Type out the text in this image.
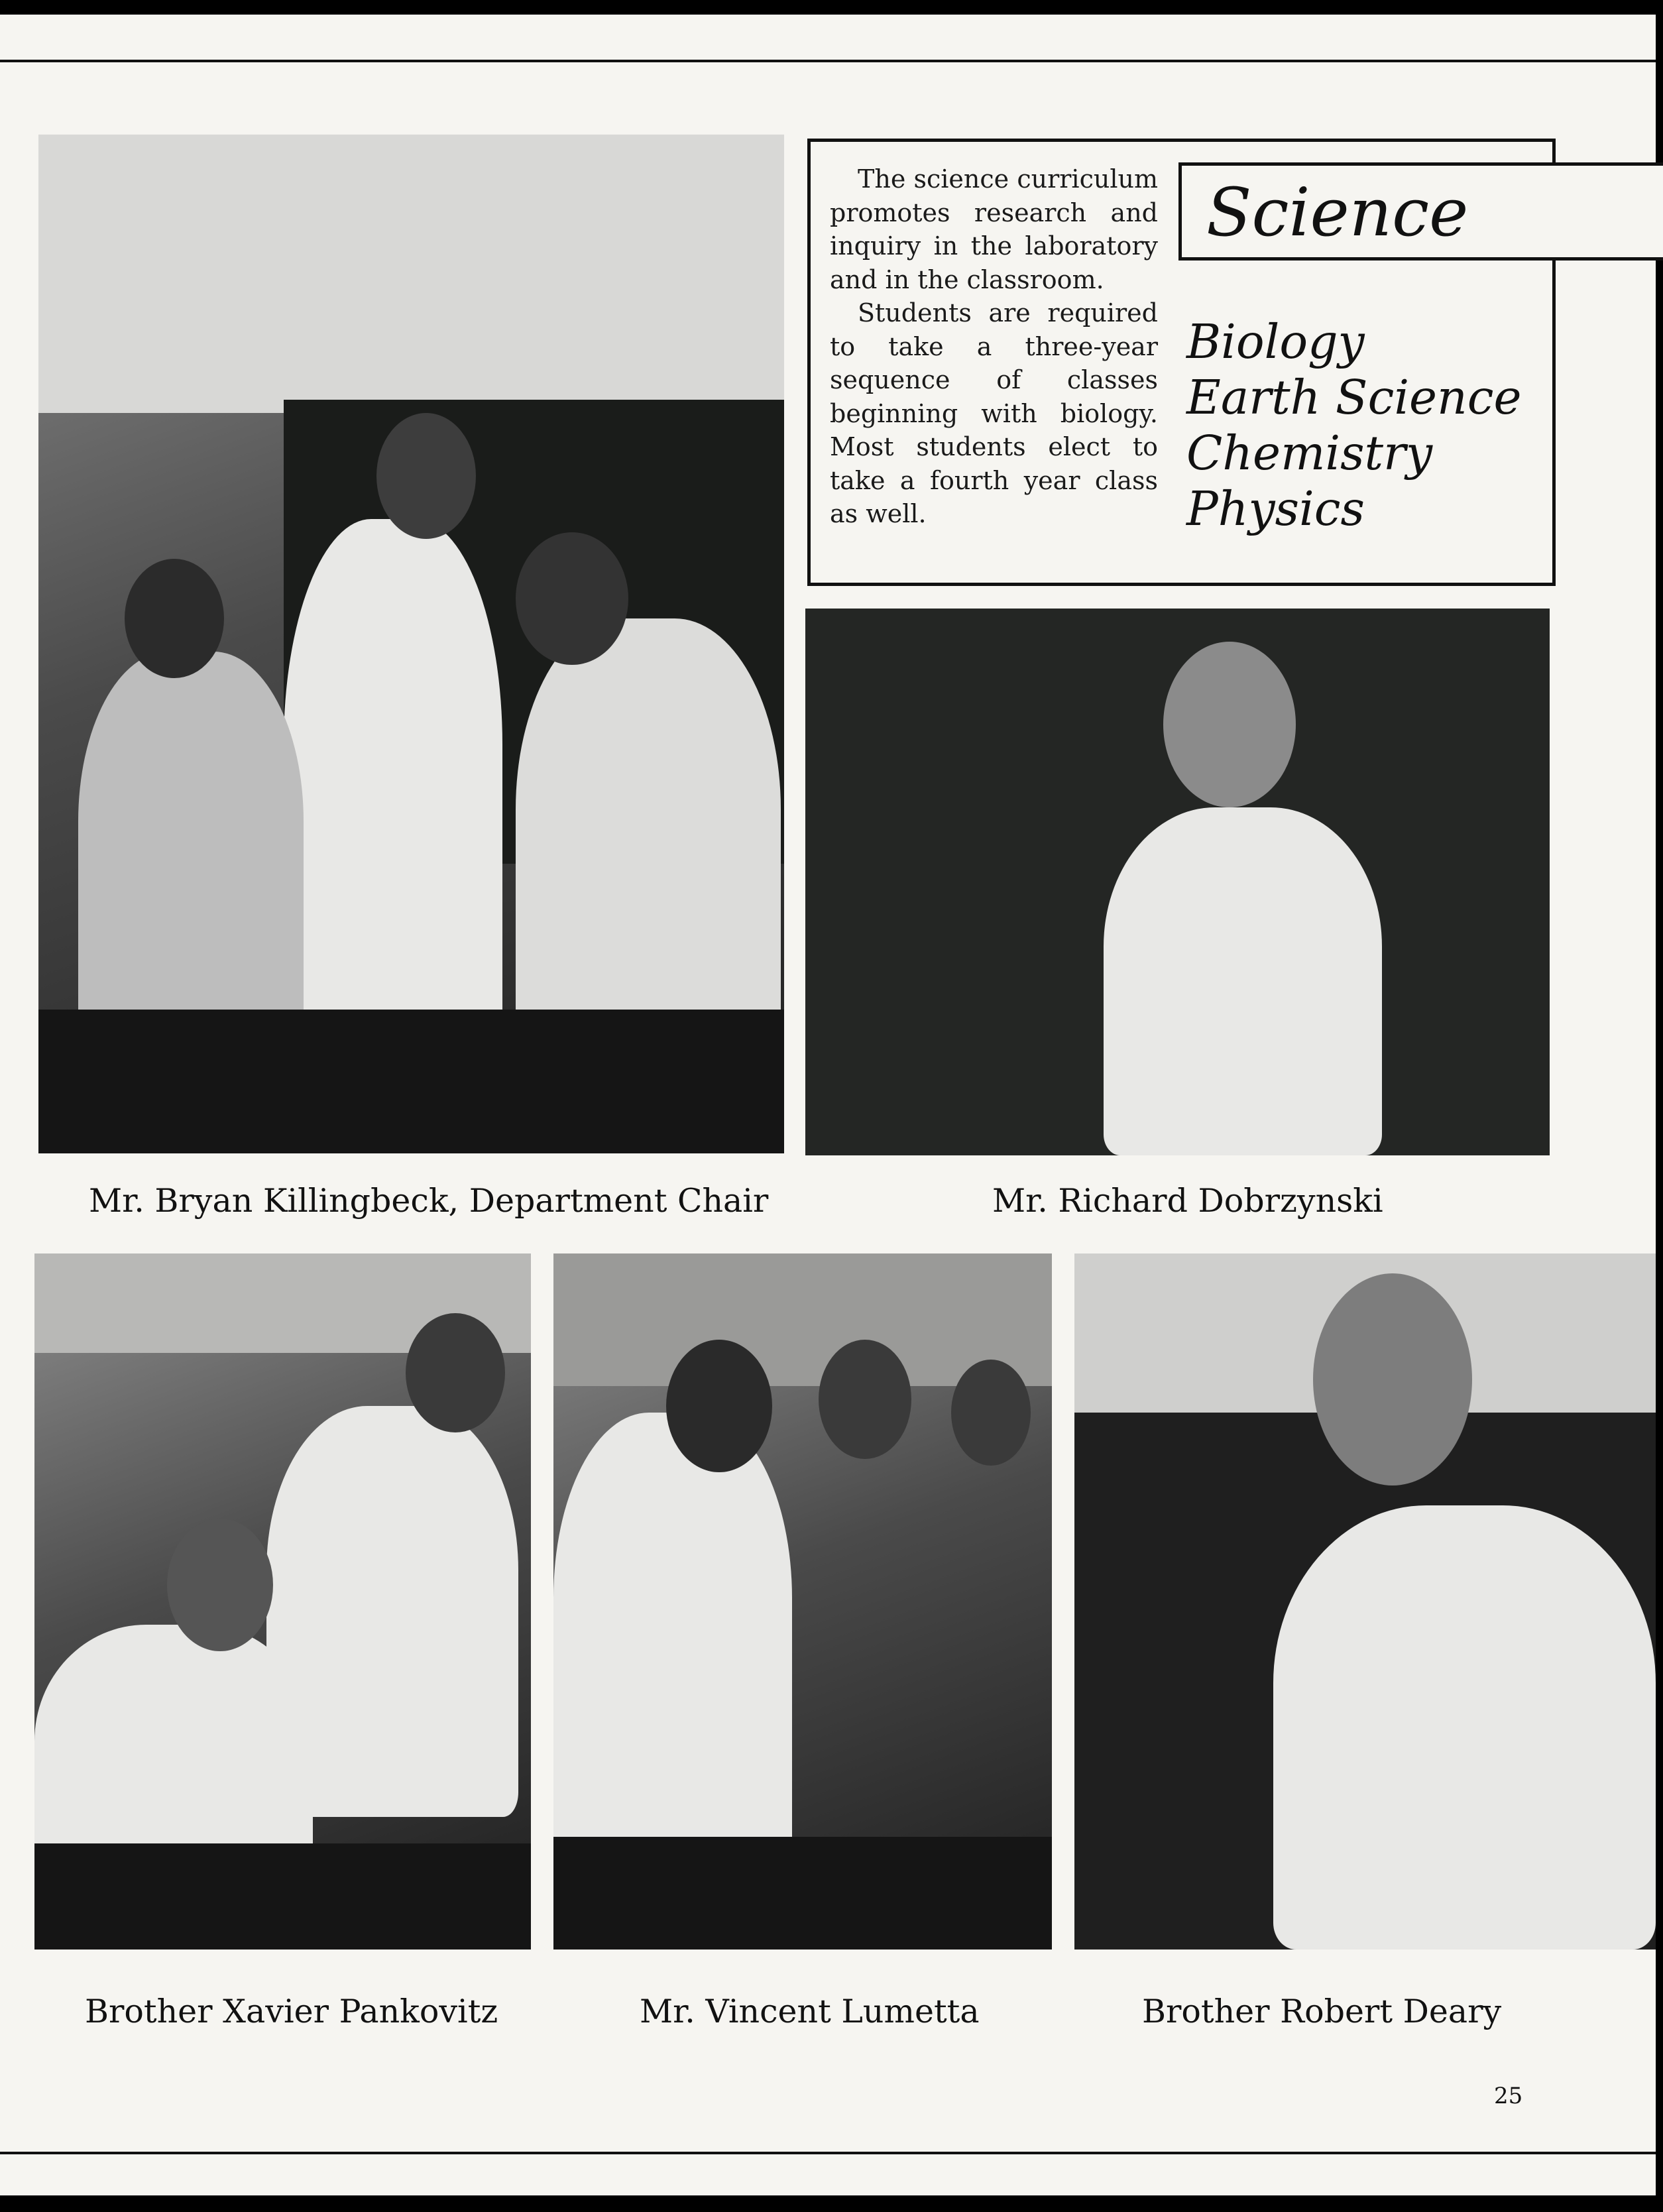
Mr. Bryan Killingbeck, Department Chair

The science curriculum promotes research and inquiry in the laboratory and in the classroom.

Students are required to take a three-year sequence of classes beginning with biology. Most students elect to take a fourth year class as well.

Science
Biology
Earth Science
Chemistry
Physics
Mr. Richard Dobrzynski
Brother Xavier Pankovitz	Mr. Vincent Lumetta	Brother Robert Deary
25
